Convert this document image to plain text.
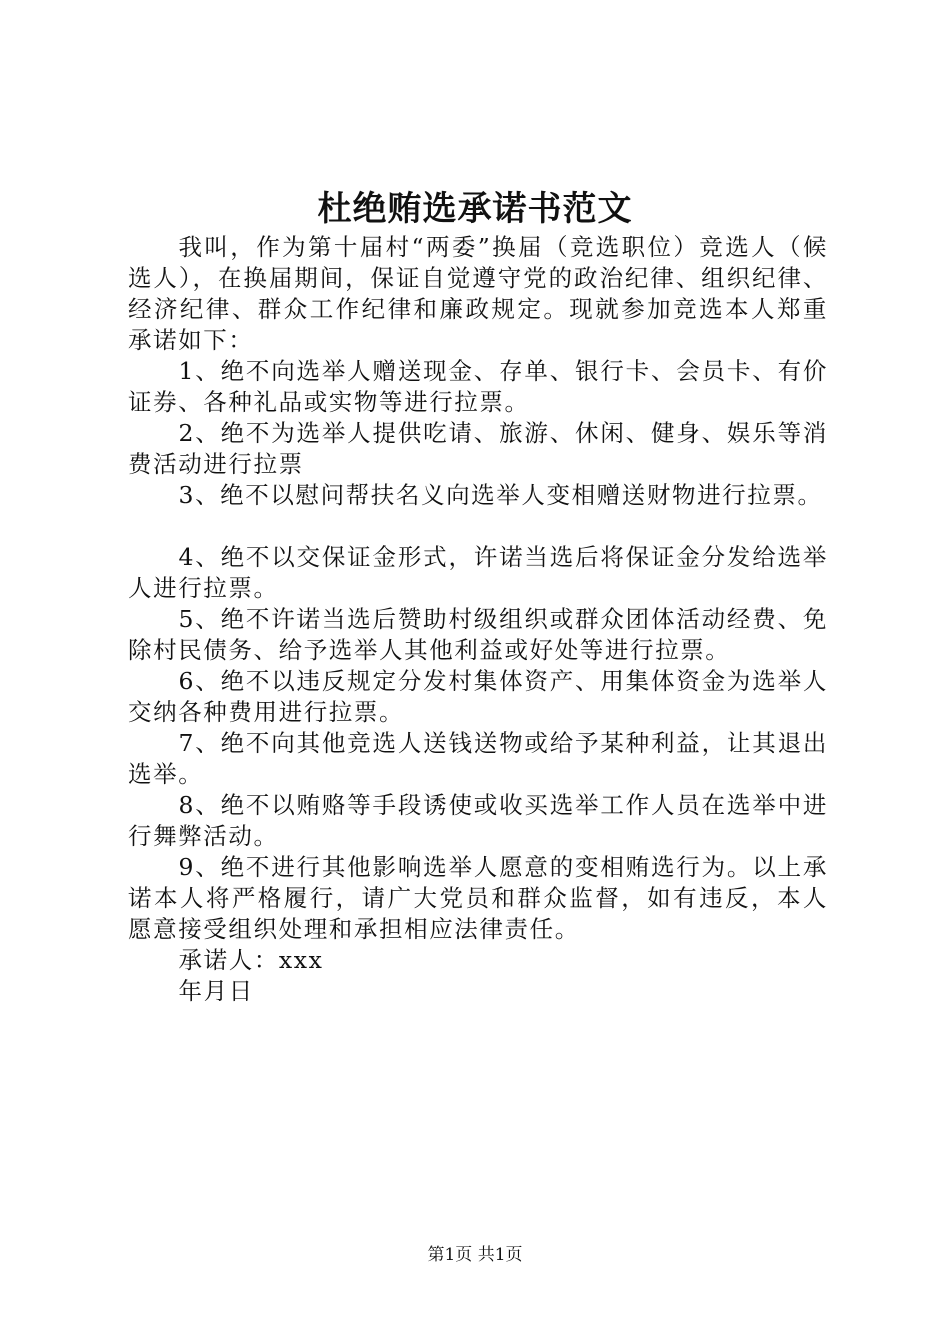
杜绝贿选承诺书范文

我叫，作为第十届村“两委”换届（竞选职位）竞选人（候选人），在换届期间，保证自觉遵守党的政治纪律、组织纪律、经济纪律、群众工作纪律和廉政规定。现就参加竞选本人郑重承诺如下：

1、绝不向选举人赠送现金、存单、银行卡、会员卡、有价证券、各种礼品或实物等进行拉票。

2、绝不为选举人提供吃请、旅游、休闲、健身、娱乐等消费活动进行拉票

3、绝不以慰问帮扶名义向选举人变相赠送财物进行拉票。

4、绝不以交保证金形式，许诺当选后将保证金分发给选举人进行拉票。

5、绝不许诺当选后赞助村级组织或群众团体活动经费、免除村民债务、给予选举人其他利益或好处等进行拉票。

6、绝不以违反规定分发村集体资产、用集体资金为选举人交纳各种费用进行拉票。

7、绝不向其他竞选人送钱送物或给予某种利益，让其退出选举。

8、绝不以贿赂等手段诱使或收买选举工作人员在选举中进行舞弊活动。

9、绝不进行其他影响选举人愿意的变相贿选行为。以上承诺本人将严格履行，请广大党员和群众监督，如有违反，本人愿意接受组织处理和承担相应法律责任。

承诺人：xxx

年月日

第1页 共1页
